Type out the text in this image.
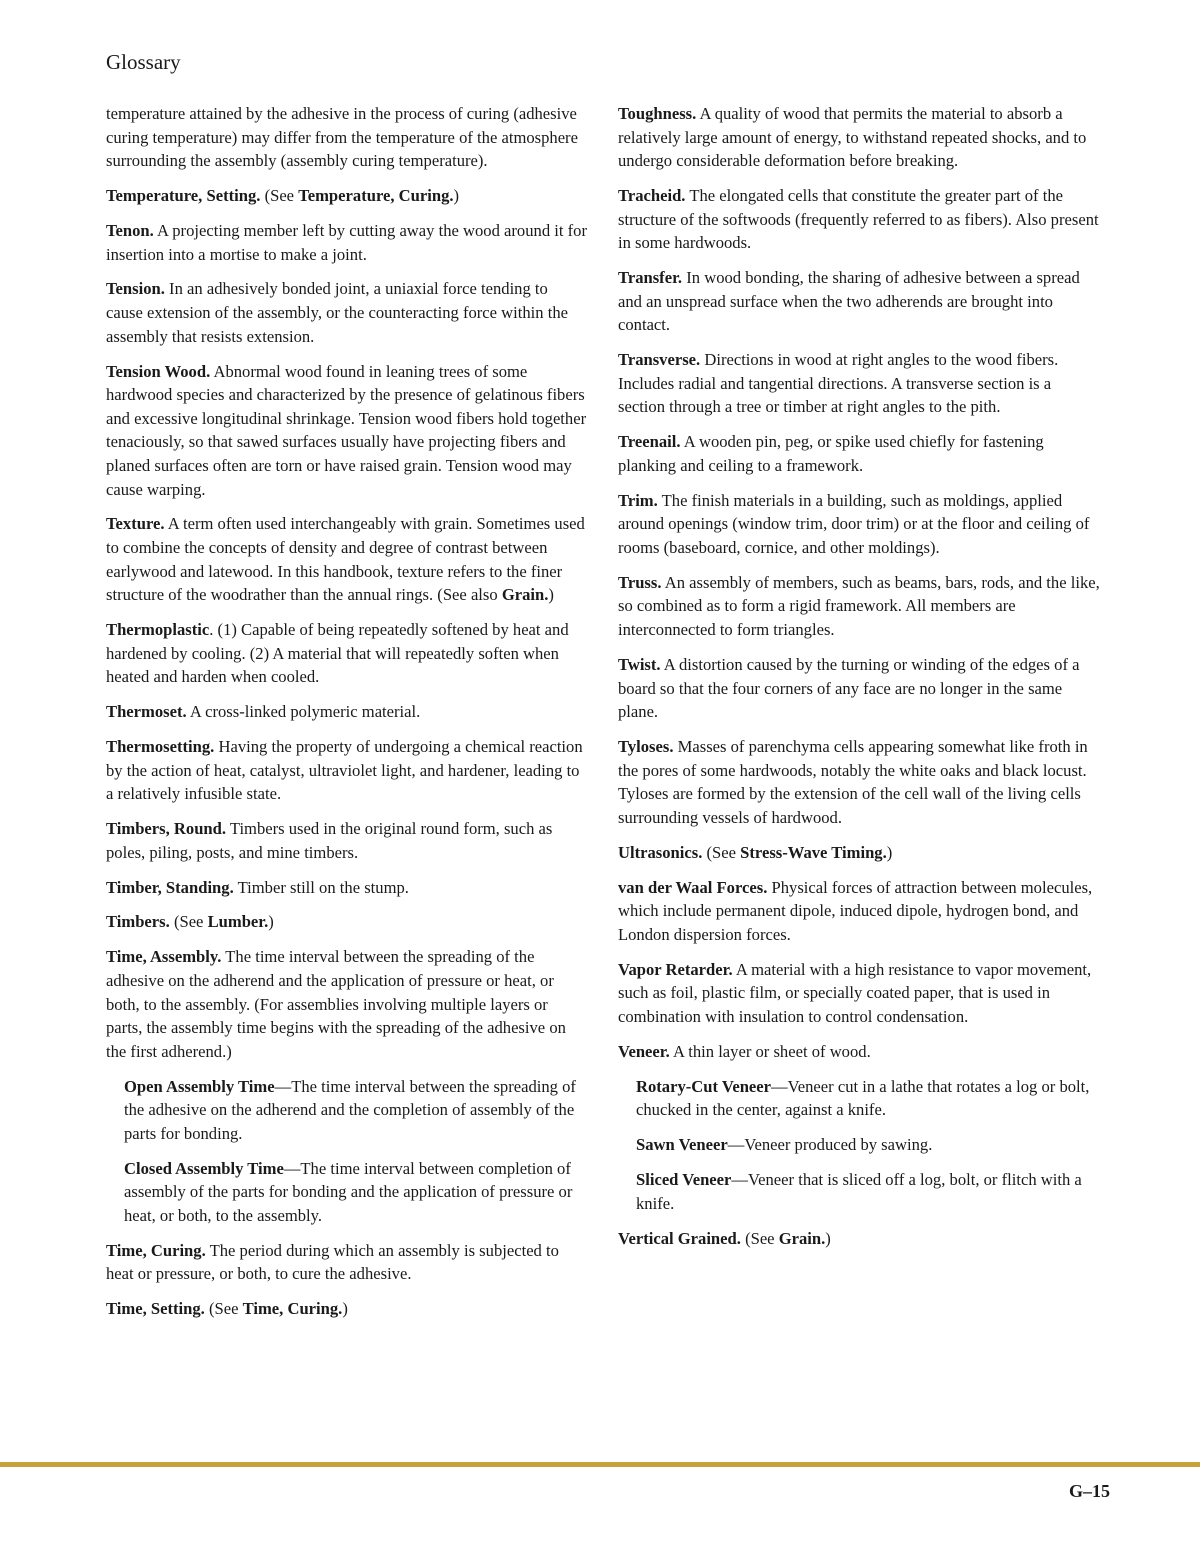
Glossary

temperature attained by the adhesive in the process of curing (adhesive curing temperature) may differ from the temperature of the atmosphere surrounding the assembly (assembly curing temperature).

Temperature, Setting. (See Temperature, Curing.)

Tenon. A projecting member left by cutting away the wood around it for insertion into a mortise to make a joint.

Tension. In an adhesively bonded joint, a uniaxial force tending to cause extension of the assembly, or the counteracting force within the assembly that resists extension.

Tension Wood. Abnormal wood found in leaning trees of some hardwood species and characterized by the presence of gelatinous fibers and excessive longitudinal shrinkage. Tension wood fibers hold together tenaciously, so that sawed surfaces usually have projecting fibers and planed surfaces often are torn or have raised grain. Tension wood may cause warping.

Texture. A term often used interchangeably with grain. Sometimes used to combine the concepts of density and degree of contrast between earlywood and latewood. In this handbook, texture refers to the finer structure of the woodrather than the annual rings. (See also Grain.)

Thermoplastic. (1) Capable of being repeatedly softened by heat and hardened by cooling. (2) A material that will repeatedly soften when heated and harden when cooled.

Thermoset. A cross-linked polymeric material.

Thermosetting. Having the property of undergoing a chemical reaction by the action of heat, catalyst, ultraviolet light, and hardener, leading to a relatively infusible state.

Timbers, Round. Timbers used in the original round form, such as poles, piling, posts, and mine timbers.

Timber, Standing. Timber still on the stump.

Timbers. (See Lumber.)

Time, Assembly. The time interval between the spreading of the adhesive on the adherend and the application of pressure or heat, or both, to the assembly. (For assemblies involving multiple layers or parts, the assembly time begins with the spreading of the adhesive on the first adherend.)

Open Assembly Time—The time interval between the spreading of the adhesive on the adherend and the completion of assembly of the parts for bonding.

Closed Assembly Time—The time interval between completion of assembly of the parts for bonding and the application of pressure or heat, or both, to the assembly.

Time, Curing. The period during which an assembly is subjected to heat or pressure, or both, to cure the adhesive.

Time, Setting. (See Time, Curing.)

Toughness. A quality of wood that permits the material to absorb a relatively large amount of energy, to withstand repeated shocks, and to undergo considerable deformation before breaking.

Tracheid. The elongated cells that constitute the greater part of the structure of the softwoods (frequently referred to as fibers). Also present in some hardwoods.

Transfer. In wood bonding, the sharing of adhesive between a spread and an unspread surface when the two adherends are brought into contact.

Transverse. Directions in wood at right angles to the wood fibers. Includes radial and tangential directions. A transverse section is a section through a tree or timber at right angles to the pith.

Treenail. A wooden pin, peg, or spike used chiefly for fastening planking and ceiling to a framework.

Trim. The finish materials in a building, such as moldings, applied around openings (window trim, door trim) or at the floor and ceiling of rooms (baseboard, cornice, and other moldings).

Truss. An assembly of members, such as beams, bars, rods, and the like, so combined as to form a rigid framework. All members are interconnected to form triangles.

Twist. A distortion caused by the turning or winding of the edges of a board so that the four corners of any face are no longer in the same plane.

Tyloses. Masses of parenchyma cells appearing somewhat like froth in the pores of some hardwoods, notably the white oaks and black locust. Tyloses are formed by the extension of the cell wall of the living cells surrounding vessels of hardwood.

Ultrasonics. (See Stress-Wave Timing.)

van der Waal Forces. Physical forces of attraction between molecules, which include permanent dipole, induced dipole, hydrogen bond, and London dispersion forces.

Vapor Retarder. A material with a high resistance to vapor movement, such as foil, plastic film, or specially coated paper, that is used in combination with insulation to control condensation.

Veneer. A thin layer or sheet of wood.

Rotary-Cut Veneer—Veneer cut in a lathe that rotates a log or bolt, chucked in the center, against a knife.

Sawn Veneer—Veneer produced by sawing.

Sliced Veneer—Veneer that is sliced off a log, bolt, or flitch with a knife.

Vertical Grained. (See Grain.)

G–15
